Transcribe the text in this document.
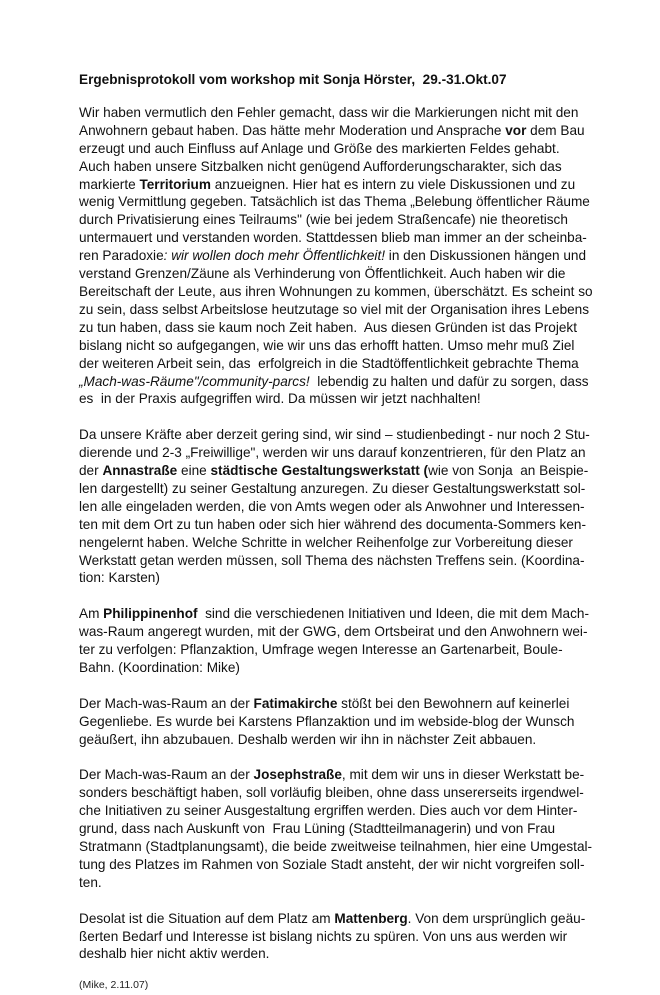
Ergebnisprotokoll vom workshop mit Sonja Hörster,  29.-31.Okt.07
Wir haben vermutlich den Fehler gemacht, dass wir die Markierungen nicht mit den
Anwohnern gebaut haben. Das hätte mehr Moderation und Ansprache vor dem Bau
erzeugt und auch Einfluss auf Anlage und Größe des markierten Feldes gehabt.
Auch haben unsere Sitzbalken nicht genügend Aufforderungscharakter, sich das
markierte Territorium anzueignen. Hier hat es intern zu viele Diskussionen und zu
wenig Vermittlung gegeben. Tatsächlich ist das Thema „Belebung öffentlicher Räume
durch Privatisierung eines Teilraums" (wie bei jedem Straßencafe) nie theoretisch
untermauert und verstanden worden. Stattdessen blieb man immer an der scheinba-
ren Paradoxie: wir wollen doch mehr Öffentlichkeit! in den Diskussionen hängen und
verstand Grenzen/Zäune als Verhinderung von Öffentlichkeit. Auch haben wir die
Bereitschaft der Leute, aus ihren Wohnungen zu kommen, überschätzt. Es scheint so
zu sein, dass selbst Arbeitslose heutzutage so viel mit der Organisation ihres Lebens
zu tun haben, dass sie kaum noch Zeit haben.  Aus diesen Gründen ist das Projekt
bislang nicht so aufgegangen, wie wir uns das erhofft hatten. Umso mehr muß Ziel
der weiteren Arbeit sein, das  erfolgreich in die Stadtöffentlichkeit gebrachte Thema
„Mach-was-Räume"/community-parcs!  lebendig zu halten und dafür zu sorgen, dass
es  in der Praxis aufgegriffen wird. Da müssen wir jetzt nachhalten!
Da unsere Kräfte aber derzeit gering sind, wir sind – studienbedingt - nur noch 2 Stu-
dierende und 2-3 „Freiwillige", werden wir uns darauf konzentrieren, für den Platz an
der Annastraße eine städtische Gestaltungswerkstatt (wie von Sonja  an Beispie-
len dargestellt) zu seiner Gestaltung anzuregen. Zu dieser Gestaltungswerkstatt sol-
len alle eingeladen werden, die von Amts wegen oder als Anwohner und Interessen-
ten mit dem Ort zu tun haben oder sich hier während des documenta-Sommers ken-
nengelernt haben. Welche Schritte in welcher Reihenfolge zur Vorbereitung dieser
Werkstatt getan werden müssen, soll Thema des nächsten Treffens sein. (Koordina-
tion: Karsten)
Am Philippinenhof  sind die verschiedenen Initiativen und Ideen, die mit dem Mach-
was-Raum angeregt wurden, mit der GWG, dem Ortsbeirat und den Anwohnern wei-
ter zu verfolgen: Pflanzaktion, Umfrage wegen Interesse an Gartenarbeit, Boule-
Bahn. (Koordination: Mike)
Der Mach-was-Raum an der Fatimakirche stößt bei den Bewohnern auf keinerlei
Gegenliebe. Es wurde bei Karstens Pflanzaktion und im webside-blog der Wunsch
geäußert, ihn abzubauen. Deshalb werden wir ihn in nächster Zeit abbauen.
Der Mach-was-Raum an der Josephstraße, mit dem wir uns in dieser Werkstatt be-
sonders beschäftigt haben, soll vorläufig bleiben, ohne dass unsererseits irgendwel-
che Initiativen zu seiner Ausgestaltung ergriffen werden. Dies auch vor dem Hinter-
grund, dass nach Auskunft von  Frau Lüning (Stadtteilmanagerin) und von Frau
Stratmann (Stadtplanungsamt), die beide zweitweise teilnahmen, hier eine Umgestal-
tung des Platzes im Rahmen von Soziale Stadt ansteht, der wir nicht vorgreifen soll-
ten.
Desolat ist die Situation auf dem Platz am Mattenberg. Von dem ursprünglich geäu-
ßerten Bedarf und Interesse ist bislang nichts zu spüren. Von uns aus werden wir
deshalb hier nicht aktiv werden.
(Mike, 2.11.07)
